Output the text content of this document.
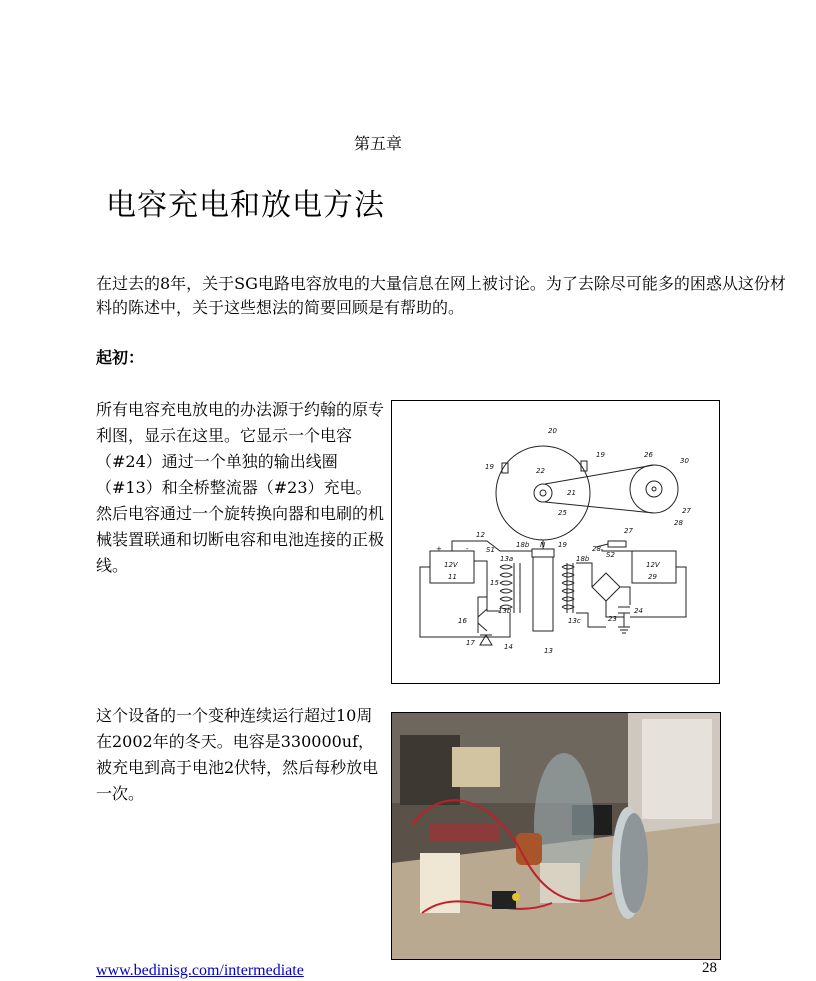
第五章
电容充电和放电方法
在过去的8年，关于SG电路电容放电的大量信息在网上被讨论。为了去除尽可能多的困惑从这份材料的陈述中，关于这些想法的简要回顾是有帮助的。
起初：
所有电容充电放电的办法源于约翰的原专利图，显示在这里。它显示一个电容（#24）通过一个单独的输出线圈（#13）和全桥整流器（#23）充电。然后电容通过一个旋转换向器和电刷的机械装置联通和切断电容和电池连接的正极线。
20
19
19
22
21
25
26
30
27
28
12
18b N 19
27
S1	28
S2
12V
11
12V
29
13a	18b
15
13b
13c
16
17	14	13
23
24
+	-
这个设备的一个变种连续运行超过10周在2002年的冬天。电容是330000uf，被充电到高于电池2伏特，然后每秒放电一次。
www.bedinisg.com/intermediate	28
